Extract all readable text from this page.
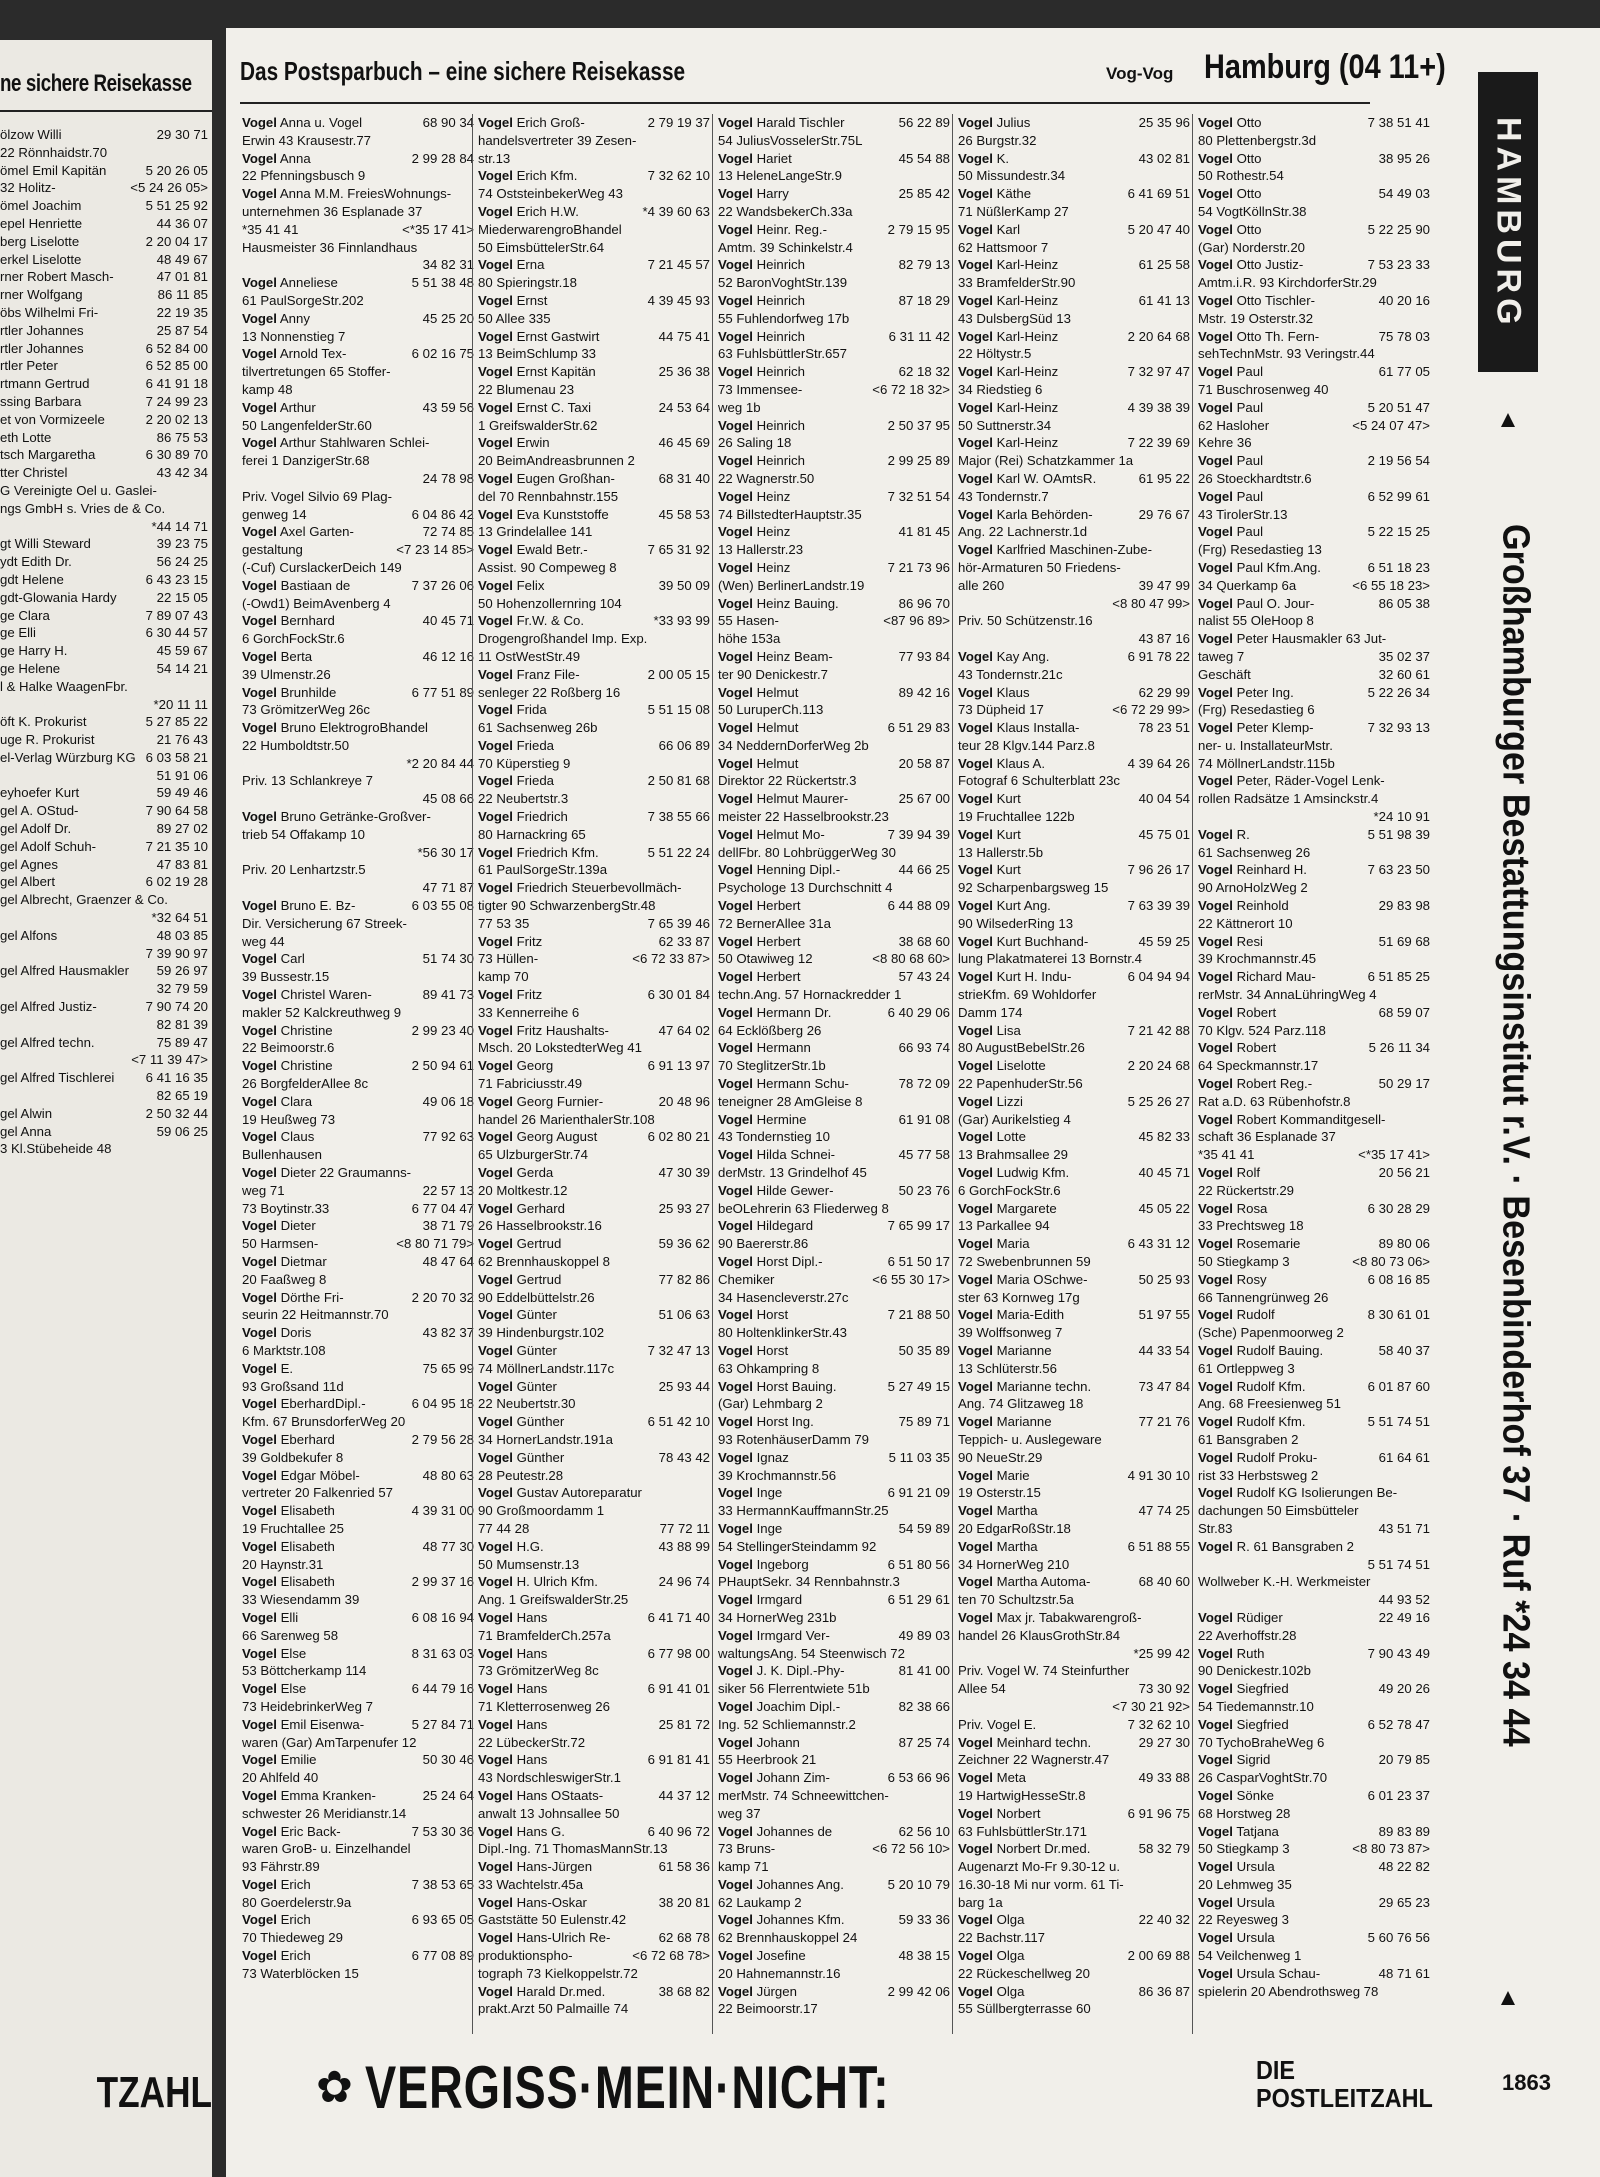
ne sichere Reisekasse
ölzow Willi	29 30 71
22 Rönnhaidstr.70
ömel Emil Kapitän	5 20 26 05
32 Holitz-	<5 24 26 05>
ömel Joachim	5 51 25 92
epel Henriette	44 36 07
berg Liselotte	2 20 04 17
erkel Liselotte	48 49 67
rner Robert Masch-	47 01 81
rner Wolfgang	86 11 85
öbs Wilhelmi Fri-	22 19 35
rtler Johannes	25 87 54
rtler Johannes	6 52 84 00
rtler Peter	6 52 85 00
rtmann Gertrud	6 41 91 18
ssing Barbara	7 24 99 23
et von Vormizeele	2 20 02 13
eth Lotte	86 75 53
tsch Margaretha	6 30 89 70
tter Christel	43 42 34
G Vereinigte Oel u. Gaslei-
ngs GmbH s. Vries de & Co.
*44 14 71
gt Willi Steward	39 23 75
ydt Edith Dr.	56 24 25
gdt Helene	6 43 23 15
gdt-Glowania Hardy	22 15 05
ge Clara	7 89 07 43
ge Elli	6 30 44 57
ge Harry H.	45 59 67
ge Helene	54 14 21
l & Halke WaagenFbr.
*20 11 11
öft K. Prokurist	5 27 85 22
uge R. Prokurist	21 76 43
el-Verlag Würzburg KG 6 03 58 21
51 91 06
eyhoefer Kurt	59 49 46
gel A. OStud-	7 90 64 58
gel Adolf Dr.	89 27 02
gel Adolf Schuh-	7 21 35 10
gel Agnes	47 83 81
gel Albert	6 02 19 28
gel Albrecht, Graenzer & Co.
*32 64 51
gel Alfons	48 03 85
7 39 90 97
gel Alfred Hausmakler	59 26 97
32 79 59
gel Alfred Justiz-	7 90 74 20
82 81 39
gel Alfred techn.	75 89 47
<7 11 39 47>
gel Alfred Tischlerei	6 41 16 35
82 65 19
gel Alwin	2 50 32 44
gel Anna	59 06 25
3 Kl.Stübeheide 48
TZAHL
Das Postsparbuch – eine sichere Reisekasse	Vog-Vog Hamburg (04 11+)
Vogel Anna u. Vogel	68 90 34
Erwin 43 Krausestr.77
Vogel Anna	2 99 28 84
22 Pfenningsbusch 9
Vogel Anna M.M. FreiesWohnungs-
unternehmen 36 Esplanade 37
*35 41 41	<*35 17 41>
Hausmeister 36 Finnlandhaus
34 82 31
Vogel Anneliese	5 51 38 48
61 PaulSorgeStr.202
Vogel Anny	45 25 20
13 Nonnenstieg 7
Vogel Arnold Tex-	6 02 16 75
tilvertretungen 65 Stoffer-
kamp 48
Vogel Arthur	43 59 56
50 LangenfelderStr.60
Vogel Arthur Stahlwaren Schlei-
ferei 1 DanzigerStr.68
24 78 98
Priv. Vogel Silvio 69 Plag-
genweg 14	6 04 86 42
Vogel Axel Garten-	72 74 85
gestaltung	<7 23 14 85>
(-Cuf) CurslackerDeich 149
Vogel Bastiaan de	7 37 26 06
(-Owd1) BeimAvenberg 4
Vogel Bernhard	40 45 71
6 GorchFockStr.6
Vogel Berta	46 12 16
39 Ulmenstr.26
Vogel Brunhilde	6 77 51 89
73 GrömitzerWeg 26c
Vogel Bruno ElektrogroBhandel
22 Humboldtstr.50
*2 20 84 44
Priv. 13 Schlankreye 7
45 08 66
Vogel Bruno Getränke-Großver-
trieb 54 Offakamp 10
*56 30 17
Priv. 20 Lenhartzstr.5
47 71 87
Vogel Bruno E. Bz-	6 03 55 08
Dir. Versicherung 67 Streek-
weg 44
Vogel Carl	51 74 30
39 Bussestr.15
Vogel Christel Waren-	89 41 73
makler 52 Kalckreuthweg 9
Vogel Christine	2 99 23 40
22 Beimoorstr.6
Vogel Christine	2 50 94 61
26 BorgfelderAllee 8c
Vogel Clara	49 06 18
19 Heußweg 73
Vogel Claus	77 92 63
Bullenhausen
Vogel Dieter 22 Graumanns-
weg 71	22 57 13
73 Boytinstr.33	6 77 04 47
Vogel Dieter	38 71 79
50 Harmsen-	<8 80 71 79>
Vogel Dietmar	48 47 64
20 Faaßweg 8
Vogel Dörthe Fri-	2 20 70 32
seurin 22 Heitmannstr.70
Vogel Doris	43 82 37
6 Marktstr.108
Vogel E.	75 65 99
93 Großsand 11d
Vogel EberhardDipl.-	6 04 95 18
Kfm. 67 BrunsdorferWeg 20
Vogel Eberhard	2 79 56 28
39 Goldbekufer 8
Vogel Edgar Möbel-	48 80 63
vertreter 20 Falkenried 57
Vogel Elisabeth	4 39 31 00
19 Fruchtallee 25
Vogel Elisabeth	48 77 30
20 Haynstr.31
Vogel Elisabeth	2 99 37 16
33 Wiesendamm 39
Vogel Elli	6 08 16 94
66 Sarenweg 58
Vogel Else	8 31 63 03
53 Böttcherkamp 114
Vogel Else	6 44 79 16
73 HeidebrinkerWeg 7
Vogel Emil Eisenwa-	5 27 84 71
waren (Gar) AmTarpenufer 12
Vogel Emilie	50 30 46
20 Ahlfeld 40
Vogel Emma Kranken-	25 24 64
schwester 26 Meridianstr.14
Vogel Eric Back-	7 53 30 36
waren GroB- u. Einzelhandel
93 Fährstr.89
Vogel Erich	7 38 53 65
80 Goerdelerstr.9a
Vogel Erich	6 93 65 05
70 Thiedeweg 29
Vogel Erich	6 77 08 89
73 Waterblöcken 15
Vogel Erich Groß-	2 79 19 37
handelsvertreter 39 Zesen-
str.13
Vogel Erich Kfm.	7 32 62 10
74 OststeinbekerWeg 43
Vogel Erich H.W.	*4 39 60 63
MiederwarengroBhandel
50 EimsbüttelerStr.64
Vogel Erna	7 21 45 57
80 Spieringstr.18
Vogel Ernst	4 39 45 93
50 Allee 335
Vogel Ernst Gastwirt	44 75 41
13 BeimSchlump 33
Vogel Ernst Kapitän	25 36 38
22 Blumenau 23
Vogel Ernst C. Taxi	24 53 64
1 GreifswalderStr.62
Vogel Erwin	46 45 69
20 BeimAndreasbrunnen 2
Vogel Eugen Großhan-	68 31 40
del 70 Rennbahnstr.155
Vogel Eva Kunststoffe	45 58 53
13 Grindelallee 141
Vogel Ewald Betr.-	7 65 31 92
Assist. 90 Compeweg 8
Vogel Felix	39 50 09
50 Hohenzollernring 104
Vogel Fr.W. & Co.	*33 93 99
Drogengroßhandel Imp. Exp.
11 OstWestStr.49
Vogel Franz File-	2 00 05 15
senleger 22 Roßberg 16
Vogel Frida	5 51 15 08
61 Sachsenweg 26b
Vogel Frieda	66 06 89
70 Küperstieg 9
Vogel Frieda	2 50 81 68
22 Neubertstr.3
Vogel Friedrich	7 38 55 66
80 Harnackring 65
Vogel Friedrich Kfm.	5 51 22 24
61 PaulSorgeStr.139a
Vogel Friedrich Steuerbevollmäch-
tigter 90 SchwarzenbergStr.48
77 53 35	7 65 39 46
Vogel Fritz	62 33 87
73 Hüllen-	<6 72 33 87>
kamp 70
Vogel Fritz	6 30 01 84
33 Kennerreihe 6
Vogel Fritz Haushalts-	47 64 02
Msch. 20 LokstedterWeg 41
Vogel Georg	6 91 13 97
71 Fabriciusstr.49
Vogel Georg Furnier-	20 48 96
handel 26 MarienthalerStr.108
Vogel Georg August	6 02 80 21
65 UlzburgerStr.74
Vogel Gerda	47 30 39
20 Moltkestr.12
Vogel Gerhard	25 93 27
26 Hasselbrookstr.16
Vogel Gertrud	59 36 62
62 Brennhauskoppel 8
Vogel Gertrud	77 82 86
90 Eddelbüttelstr.26
Vogel Günter	51 06 63
39 Hindenburgstr.102
Vogel Günter	7 32 47 13
74 MöllnerLandstr.117c
Vogel Günter	25 93 44
22 Neubertstr.30
Vogel Günther	6 51 42 10
34 HornerLandstr.191a
Vogel Günther	78 43 42
28 Peutestr.28
Vogel Gustav Autoreparatur
90 Großmoordamm 1
77 44 28	77 72 11
Vogel H.G.	43 88 99
50 Mumsenstr.13
Vogel H. Ulrich Kfm.	24 96 74
Ang. 1 GreifswalderStr.25
Vogel Hans	6 41 71 40
71 BramfelderCh.257a
Vogel Hans	6 77 98 00
73 GrömitzerWeg 8c
Vogel Hans	6 91 41 01
71 Kletterrosenweg 26
Vogel Hans	25 81 72
22 LübeckerStr.72
Vogel Hans	6 91 81 41
43 NordschleswigerStr.1
Vogel Hans OStaats-	44 37 12
anwalt 13 Johnsallee 50
Vogel Hans G.	6 40 96 72
Dipl.-Ing. 71 ThomasMannStr.13
Vogel Hans-Jürgen	61 58 36
33 Wachtelstr.45a
Vogel Hans-Oskar	38 20 81
Gaststätte 50 Eulenstr.42
Vogel Hans-Ulrich Re-	62 68 78
produktionspho-	<6 72 68 78>
tograph 73 Kielkoppelstr.72
Vogel Harald Dr.med.	38 68 82
prakt.Arzt 50 Palmaille 74
Vogel Harald Tischler	56 22 89
54 JuliusVosselerStr.75L
Vogel Hariet	45 54 88
13 HeleneLangeStr.9
Vogel Harry	25 85 42
22 WandsbekerCh.33a
Vogel Heinr. Reg.-	2 79 15 95
Amtm. 39 Schinkelstr.4
Vogel Heinrich	82 79 13
52 BaronVoghtStr.139
Vogel Heinrich	87 18 29
55 Fuhlendorfweg 17b
Vogel Heinrich	6 31 11 42
63 FuhlsbüttlerStr.657
Vogel Heinrich	62 18 32
73 Immensee-	<6 72 18 32>
weg 1b
Vogel Heinrich	2 50 37 95
26 Saling 18
Vogel Heinrich	2 99 25 89
22 Wagnerstr.50
Vogel Heinz	7 32 51 54
74 BillstedterHauptstr.35
Vogel Heinz	41 81 45
13 Hallerstr.23
Vogel Heinz	7 21 73 96
(Wen) BerlinerLandstr.19
Vogel Heinz Bauing.	86 96 70
55 Hasen-	<87 96 89>
höhe 153a
Vogel Heinz Beam-	77 93 84
ter 90 Denickestr.7
Vogel Helmut	89 42 16
50 LuruperCh.113
Vogel Helmut	6 51 29 83
34 NeddernDorferWeg 2b
Vogel Helmut	20 58 87
Direktor 22 Rückertstr.3
Vogel Helmut Maurer-	25 67 00
meister 22 Hasselbrookstr.23
Vogel Helmut Mo-	7 39 94 39
dellFbr. 80 LohbrüggerWeg 30
Vogel Henning Dipl.-	44 66 25
Psychologe 13 Durchschnitt 4
Vogel Herbert	6 44 88 09
72 BernerAllee 31a
Vogel Herbert	38 68 60
50 Otawiweg 12	<8 80 68 60>
Vogel Herbert	57 43 24
techn.Ang. 57 Hornackredder 1
Vogel Hermann Dr.	6 40 29 06
64 Ecklößberg 26
Vogel Hermann	66 93 74
70 SteglitzerStr.1b
Vogel Hermann Schu-	78 72 09
teneigner 28 AmGleise 8
Vogel Hermine	61 91 08
43 Tondernstieg 10
Vogel Hilda Schnei-	45 77 58
derMstr. 13 Grindelhof 45
Vogel Hilde Gewer-	50 23 76
beOLehrerin 63 Fliederweg 8
Vogel Hildegard	7 65 99 17
90 Baererstr.86
Vogel Horst Dipl.-	6 51 50 17
Chemiker	<6 55 30 17>
34 Hasencleverstr.27c
Vogel Horst	7 21 88 50
80 HoltenklinkerStr.43
Vogel Horst	50 35 89
63 Ohkampring 8
Vogel Horst Bauing.	5 27 49 15
(Gar) Lehmbarg 2
Vogel Horst Ing.	75 89 71
93 RotenhäuserDamm 79
Vogel Ignaz	5 11 03 35
39 Krochmannstr.56
Vogel Inge	6 91 21 09
33 HermannKauffmannStr.25
Vogel Inge	54 59 89
54 StellingerSteindamm 92
Vogel Ingeborg	6 51 80 56
PHauptSekr. 34 Rennbahnstr.3
Vogel Irmgard	6 51 29 61
34 HornerWeg 231b
Vogel Irmgard Ver-	49 89 03
waltungsAng. 54 Steenwisch 72
Vogel J. K. Dipl.-Phy-	81 41 00
siker 56 Flerrentwiete 51b
Vogel Joachim Dipl.-	82 38 66
Ing. 52 Schliemannstr.2
Vogel Johann	87 25 74
55 Heerbrook 21
Vogel Johann Zim-	6 53 66 96
merMstr. 74 Schneewittchen-
weg 37
Vogel Johannes de	62 56 10
73 Bruns-	<6 72 56 10>
kamp 71
Vogel Johannes Ang.	5 20 10 79
62 Laukamp 2
Vogel Johannes Kfm.	59 33 36
62 Brennhauskoppel 24
Vogel Josefine	48 38 15
20 Hahnemannstr.16
Vogel Jürgen	2 99 42 06
22 Beimoorstr.17
Vogel Julius	25 35 96
26 Burgstr.32
Vogel K.	43 02 81
50 Missundestr.34
Vogel Käthe	6 41 69 51
71 NüßlerKamp 27
Vogel Karl	5 20 47 40
62 Hattsmoor 7
Vogel Karl-Heinz	61 25 58
33 BramfelderStr.90
Vogel Karl-Heinz	61 41 13
43 DulsbergSüd 13
Vogel Karl-Heinz	2 20 64 68
22 Höltystr.5
Vogel Karl-Heinz	7 32 97 47
34 Riedstieg 6
Vogel Karl-Heinz	4 39 38 39
50 Suttnerstr.34
Vogel Karl-Heinz	7 22 39 69
Major (Rei) Schatzkammer 1a
Vogel Karl W. OAmtsR.	61 95 22
43 Tondernstr.7
Vogel Karla Behörden-	29 76 67
Ang. 22 Lachnerstr.1d
Vogel Karlfried Maschinen-Zube-
hör-Armaturen 50 Friedens-
alle 260	39 47 99
<8 80 47 99>
Priv. 50 Schützenstr.16
43 87 16
Vogel Kay Ang.	6 91 78 22
43 Tondernstr.21c
Vogel Klaus	62 29 99
73 Düpheid 17	<6 72 29 99>
Vogel Klaus Installa-	78 23 51
teur 28 Klgv.144 Parz.8
Vogel Klaus A.	4 39 64 26
Fotograf 6 Schulterblatt 23c
Vogel Kurt	40 04 54
19 Fruchtallee 122b
Vogel Kurt	45 75 01
13 Hallerstr.5b
Vogel Kurt	7 96 26 17
92 Scharpenbargsweg 15
Vogel Kurt Ang.	7 63 39 39
90 WilsederRing 13
Vogel Kurt Buchhand-	45 59 25
lung Plakatmaterei 13 Bornstr.4
Vogel Kurt H. Indu-	6 04 94 94
strieKfm. 69 Wohldorfer
Damm 174
Vogel Lisa	7 21 42 88
80 AugustBebelStr.26
Vogel Liselotte	2 20 24 68
22 PapenhuderStr.56
Vogel Lizzi	5 25 26 27
(Gar) Aurikelstieg 4
Vogel Lotte	45 82 33
13 Brahmsallee 29
Vogel Ludwig Kfm.	40 45 71
6 GorchFockStr.6
Vogel Margarete	45 05 22
13 Parkallee 94
Vogel Maria	6 43 31 12
72 Swebenbrunnen 59
Vogel Maria OSchwe-	50 25 93
ster 63 Kornweg 17g
Vogel Maria-Edith	51 97 55
39 Wolffsonweg 7
Vogel Marianne	44 33 54
13 Schlüterstr.56
Vogel Marianne techn.	73 47 84
Ang. 74 Glitzaweg 18
Vogel Marianne	77 21 76
Teppich- u. Auslegeware
90 NeueStr.29
Vogel Marie	4 91 30 10
19 Osterstr.15
Vogel Martha	47 74 25
20 EdgarRoßStr.18
Vogel Martha	6 51 88 55
34 HornerWeg 210
Vogel Martha Automa-	68 40 60
ten 70 Schultzstr.5a
Vogel Max jr. Tabakwarengroß-
handel 26 KlausGrothStr.84
*25 99 42
Priv. Vogel W. 74 Steinfurther
Allee 54	73 30 92
<7 30 21 92>
Priv. Vogel E.	7 32 62 10
Vogel Meinhard techn.	29 27 30
Zeichner 22 Wagnerstr.47
Vogel Meta	49 33 88
19 HartwigHesseStr.8
Vogel Norbert	6 91 96 75
63 FuhlsbüttlerStr.171
Vogel Norbert Dr.med.	58 32 79
Augenarzt Mo-Fr 9.30-12 u.
16.30-18 Mi nur vorm. 61 Ti-
barg 1a
Vogel Olga	22 40 32
22 Bachstr.117
Vogel Olga	2 00 69 88
22 Rückeschellweg 20
Vogel Olga	86 36 87
55 Süllbergterrasse 60
Vogel Otto	7 38 51 41
80 Plettenbergstr.3d
Vogel Otto	38 95 26
50 Rothestr.54
Vogel Otto	54 49 03
54 VogtKöllnStr.38
Vogel Otto	5 22 25 90
(Gar) Norderstr.20
Vogel Otto Justiz-	7 53 23 33
Amtm.i.R. 93 KirchdorferStr.29
Vogel Otto Tischler-	40 20 16
Mstr. 19 Osterstr.32
Vogel Otto Th. Fern-	75 78 03
sehTechnMstr. 93 Veringstr.44
Vogel Paul	61 77 05
71 Buschrosenweg 40
Vogel Paul	5 20 51 47
62 Hasloher	<5 24 07 47>
Kehre 36
Vogel Paul	2 19 56 54
26 Stoeckhardtstr.6
Vogel Paul	6 52 99 61
43 TirolerStr.13
Vogel Paul	5 22 15 25
(Frg) Resedastieg 13
Vogel Paul Kfm.Ang.	6 51 18 23
34 Querkamp 6a	<6 55 18 23>
Vogel Paul O. Jour-	86 05 38
nalist 55 OleHoop 8
Vogel Peter Hausmakler 63 Jut-
taweg 7	35 02 37
Geschäft	32 60 61
Vogel Peter Ing.	5 22 26 34
(Frg) Resedastieg 6
Vogel Peter Klemp-	7 32 93 13
ner- u. InstallateurMstr.
74 MöllnerLandstr.115b
Vogel Peter, Räder-Vogel Lenk-
rollen Radsätze 1 Amsinckstr.4
*24 10 91
Vogel R.	5 51 98 39
61 Sachsenweg 26
Vogel Reinhard H.	7 63 23 50
90 ArnoHolzWeg 2
Vogel Reinhold	29 83 98
22 Kättnerort 10
Vogel Resi	51 69 68
39 Krochmannstr.45
Vogel Richard Mau-	6 51 85 25
rerMstr. 34 AnnaLühringWeg 4
Vogel Robert	68 59 07
70 Klgv. 524 Parz.118
Vogel Robert	5 26 11 34
64 Speckmannstr.17
Vogel Robert Reg.-	50 29 17
Rat a.D. 63 Rübenhofstr.8
Vogel Robert Kommanditgesell-
schaft 36 Esplanade 37
*35 41 41	<*35 17 41>
Vogel Rolf	20 56 21
22 Rückertstr.29
Vogel Rosa	6 30 28 29
33 Prechtsweg 18
Vogel Rosemarie	89 80 06
50 Stiegkamp 3	<8 80 73 06>
Vogel Rosy	6 08 16 85
66 Tannengrünweg 26
Vogel Rudolf	8 30 61 01
(Sche) Papenmoorweg 2
Vogel Rudolf Bauing.	58 40 37
61 Ortleppweg 3
Vogel Rudolf Kfm.	6 01 87 60
Ang. 68 Freesienweg 51
Vogel Rudolf Kfm.	5 51 74 51
61 Bansgraben 2
Vogel Rudolf Proku-	61 64 61
rist 33 Herbstsweg 2
Vogel Rudolf KG Isolierungen Be-
dachungen 50 Eimsbütteler
Str.83	43 51 71
Vogel R. 61 Bansgraben 2
5 51 74 51
Wollweber K.-H. Werkmeister
44 93 52
Vogel Rüdiger	22 49 16
22 Averhoffstr.28
Vogel Ruth	7 90 43 49
90 Denickestr.102b
Vogel Siegfried	49 20 26
54 Tiedemannstr.10
Vogel Siegfried	6 52 78 47
70 TychoBraheWeg 6
Vogel Sigrid	20 79 85
26 CasparVoghtStr.70
Vogel Sönke	6 01 23 37
68 Horstweg 28
Vogel Tatjana	89 83 89
50 Stiegkamp 3	<8 80 73 87>
Vogel Ursula	48 22 82
20 Lehmweg 35
Vogel Ursula	29 65 23
22 Reyesweg 3
Vogel Ursula	5 60 76 56
54 Veilchenweg 1
Vogel Ursula Schau-	48 71 61
spielerin 20 Abendrothsweg 78
HAMBURG
▲
Großhamburger Bestattungsinstitut r.V. · Besenbinderhof 37 · Ruf *24 34 44
▲
✿ VERGISS·MEIN·NICHT:	DIE
POSTLEITZAHL
1863
